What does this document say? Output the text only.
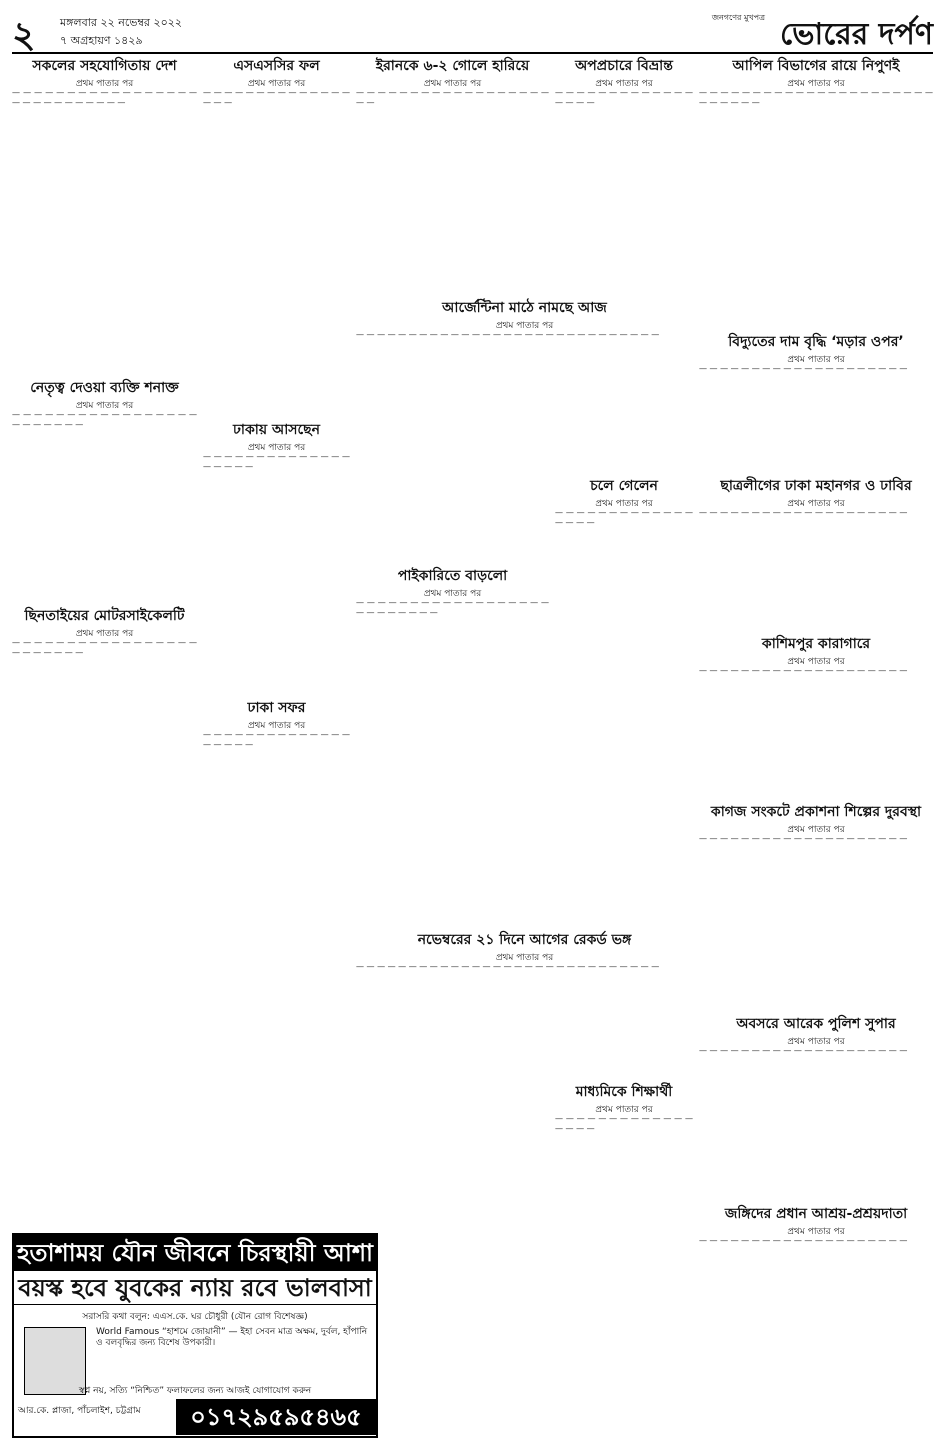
২ মঙ্গলবার ২২ নভেম্বর ২০২২
৭ অগ্রহায়ণ ১৪২৯
জনগণের মুখপত্র ভোরের দর্পণ
সকলের সহযোগিতায় দেশ
প্রথম পাতার পর
— — — — — — — — — — — — — — — — — — — — — — — — — — — —
আপিল বিভাগের রায়ে নিপুণই
প্রথম পাতার পর
— — — — — — — — — — — — — — — — — — — — — — — — — — — —
এসএসসির ফল
প্রথম পাতার পর
— — — — — — — — — — — — — — — — —
ইরানকে ৬-২ গোলে হারিয়ে
প্রথম পাতার পর
— — — — — — — — — — — — — — — — — — — —
অপপ্রচারে বিভ্রান্ত
প্রথম পাতার পর
— — — — — — — — — — — — — — — — —
বিদ্যুতের দাম বৃদ্ধি ‘মড়ার ওপর’
প্রথম পাতার পর
— — — — — — — — — — — — — — — — — — — —
নেতৃত্ব দেওয়া ব্যক্তি শনাক্ত
প্রথম পাতার পর
— — — — — — — — — — — — — — — — — — — — — — — —	ঢাকায় আসছেন
প্রথম পাতার পর
— — — — — — — — — — — — — — — — — — —
আর্জেন্টিনা মাঠে নামছে আজ
প্রথম পাতার পর
— — — — — — — — — — — — — — — — — — — — — — — — — — — — —
ছাত্রলীগের ঢাকা মহানগর ও ঢাবির
প্রথম পাতার পর
— — — — — — — — — — — — — — — — — — — —
চলে গেলেন
প্রথম পাতার পর
— — — — — — — — — — — — — — — — —
কাশিমপুর কারাগারে
প্রথম পাতার পর
— — — — — — — — — — — — — — — — — — — —
পাইকারিতে বাড়লো
প্রথম পাতার পর
— — — — — — — — — — — — — — — — — — — — — — — — — —
কাগজ সংকটে প্রকাশনা শিল্পের দুরবস্থা
প্রথম পাতার পর
— — — — — — — — — — — — — — — — — — — —
ঢাকা সফর
প্রথম পাতার পর
— — — — — — — — — — — — — — — — — — —
ছিনতাইয়ের মোটরসাইকেলটি
প্রথম পাতার পর
— — — — — — — — — — — — — — — — — — — — — — — —
নভেম্বরের ২১ দিনে আগের রেকর্ড ভঙ্গ
প্রথম পাতার পর
— — — — — — — — — — — — — — — — — — — — — — — — — — — — —
অবসরে আরেক পুলিশ সুপার
প্রথম পাতার পর
— — — — — — — — — — — — — — — — — — — —
মাধ্যমিকে শিক্ষার্থী
প্রথম পাতার পর
— — — — — — — — — — — — — — — — —
জঙ্গিদের প্রধান আশ্রয়-প্রশ্রয়দাতা
প্রথম পাতার পর
— — — — — — — — — — — — — — — — — — — —
হতাশাময় যৌন জীবনে চিরস্থায়ী আশা
বয়স্ক হবে যুবকের ন্যায় রবে ভালবাসা
সরাসরি কথা বলুন: এএস.কে. ঘর চৌধুরী (যৌন রোগ বিশেষজ্ঞ)
World Famous “হাশমে জোয়ানী” — ইহা সেবন মাত্র অক্ষম, দুর্বল, হাঁপানি ও বলবৃদ্ধির জন্য বিশেষ উপকারী।
স্বপ্ন নয়, সত্যি “নিশ্চিত” ফলাফলের জন্য আজই যোগাযোগ করুন
আর.কে. প্লাজা, পাঁচলাইশ, চট্টগ্রাম	০১৭২৯৫৯৫৪৬৫
